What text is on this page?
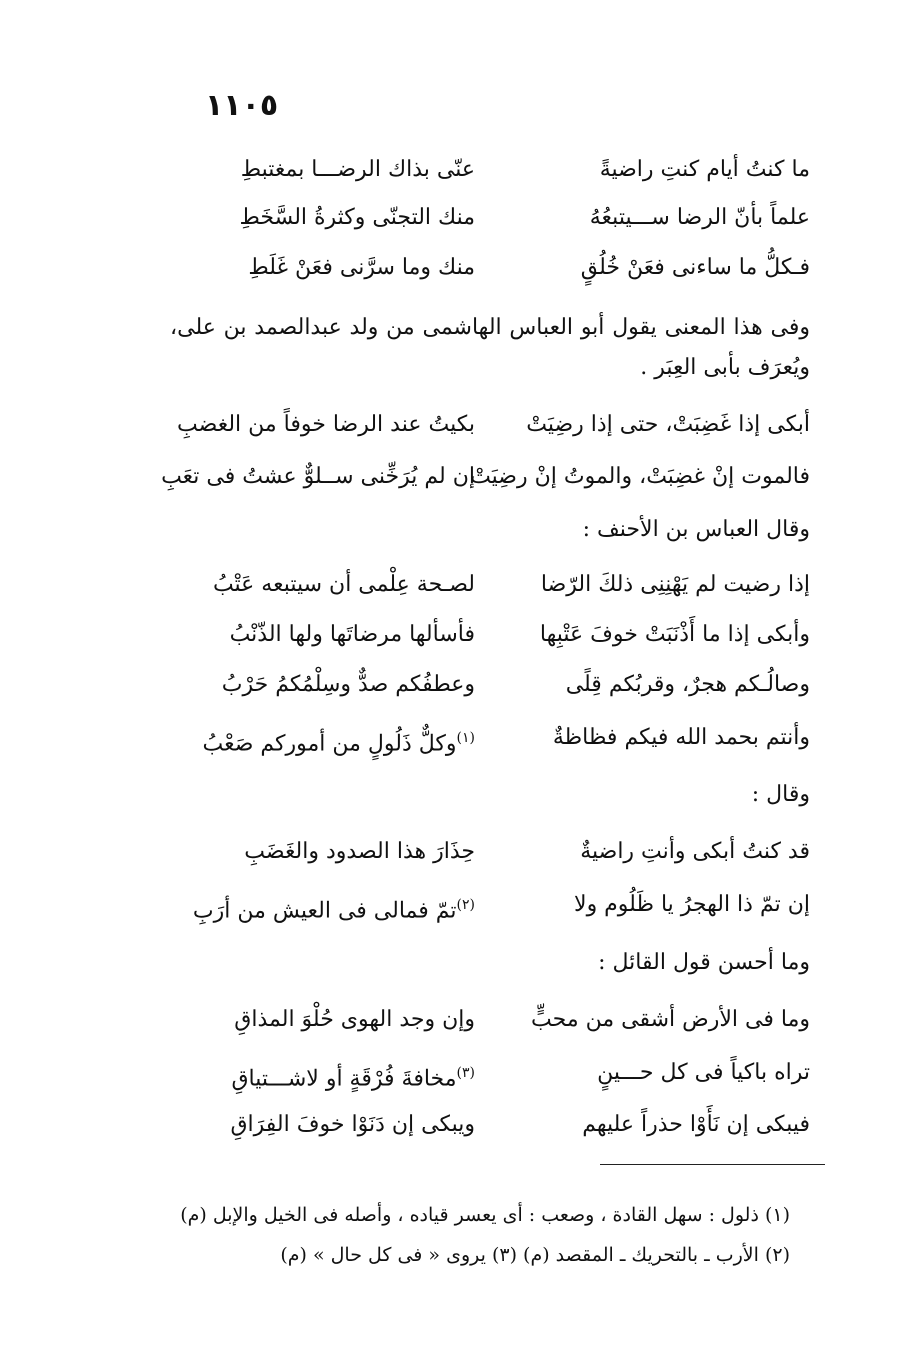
١١٠٥
ما كنتُ أيام كنتِ راضيةً
عنّى بذاك الرضـــا بمغتبطِ
علماً بأنّ الرضا ســـيتبعُهُ
منك التجنّى وكثرةُ السَّخَطِ
فـكلُّ ما ساءنى فعَنْ خُلُقٍ
منك وما سرَّنى فعَنْ غَلَطِ
وفى هذا المعنى يقول أبو العباس الهاشمى من ولد عبدالصمد بن على، ويُعرَف بأبى العِبَر .
أبكى إذا غَضِبَتْ، حتى إذا رضِيَتْ
بكيتُ عند الرضا خوفاً من الغضبِ
فالموت إنْ غضِبَتْ، والموتُ إنْ رضِيَتْ
إن لم يُرَخِّنى ســلوٌّ عشتُ فى تعَبِ
وقال العباس بن الأحنف :
إذا رضيت لم يَهْنِنِى ذلكَ الرّضا
لصـحة عِلْمى أن سيتبعه عَتْبُ
وأبكى إذا ما أَذْنَبَتْ خوفَ عَتْبِها
فأسألها مرضاتَها ولها الذّنْبُ
وصالُـكم هجرٌ، وقربُكم قِلًى
وعطفُكم صدٌّ وسِلْمُكمُ حَرْبُ
وأنتم بحمد الله فيكم فظاظةٌ
$^{(١)}$وكلٌّ ذَلُولٍ من أموركم صَعْبُ
وقال :
قد كنتُ أبكى وأنتِ راضيةٌ
حِذَارَ هذا الصدود والغَضَبِ
إن تمّ ذا الهجرُ يا ظَلُوم ولا
$^{(٢)}$تمّ فمالى فى العيش من أرَبِ
وما أحسن قول القائل :
وما فى الأرض أشقى من محبٍّ
وإن وجد الهوى حُلْوَ المذاقِ
تراه باكياً فى كل حـــينٍ
$^{(٣)}$مخافةَ فُرْقَةٍ أو لاشـــتياقِ
فيبكى إن نَأَوْا حذراً عليهم
ويبكى إن دَنَوْا خوفَ الفِرَاقِ
(١) ذلول : سهل القادة ، وصعب : أى يعسر قياده ، وأصله فى الخيل والإبل (م)
(٢) الأرب ـ بالتحريك ـ المقصد (م) (٣) يروى « فى كل حال » (م)
